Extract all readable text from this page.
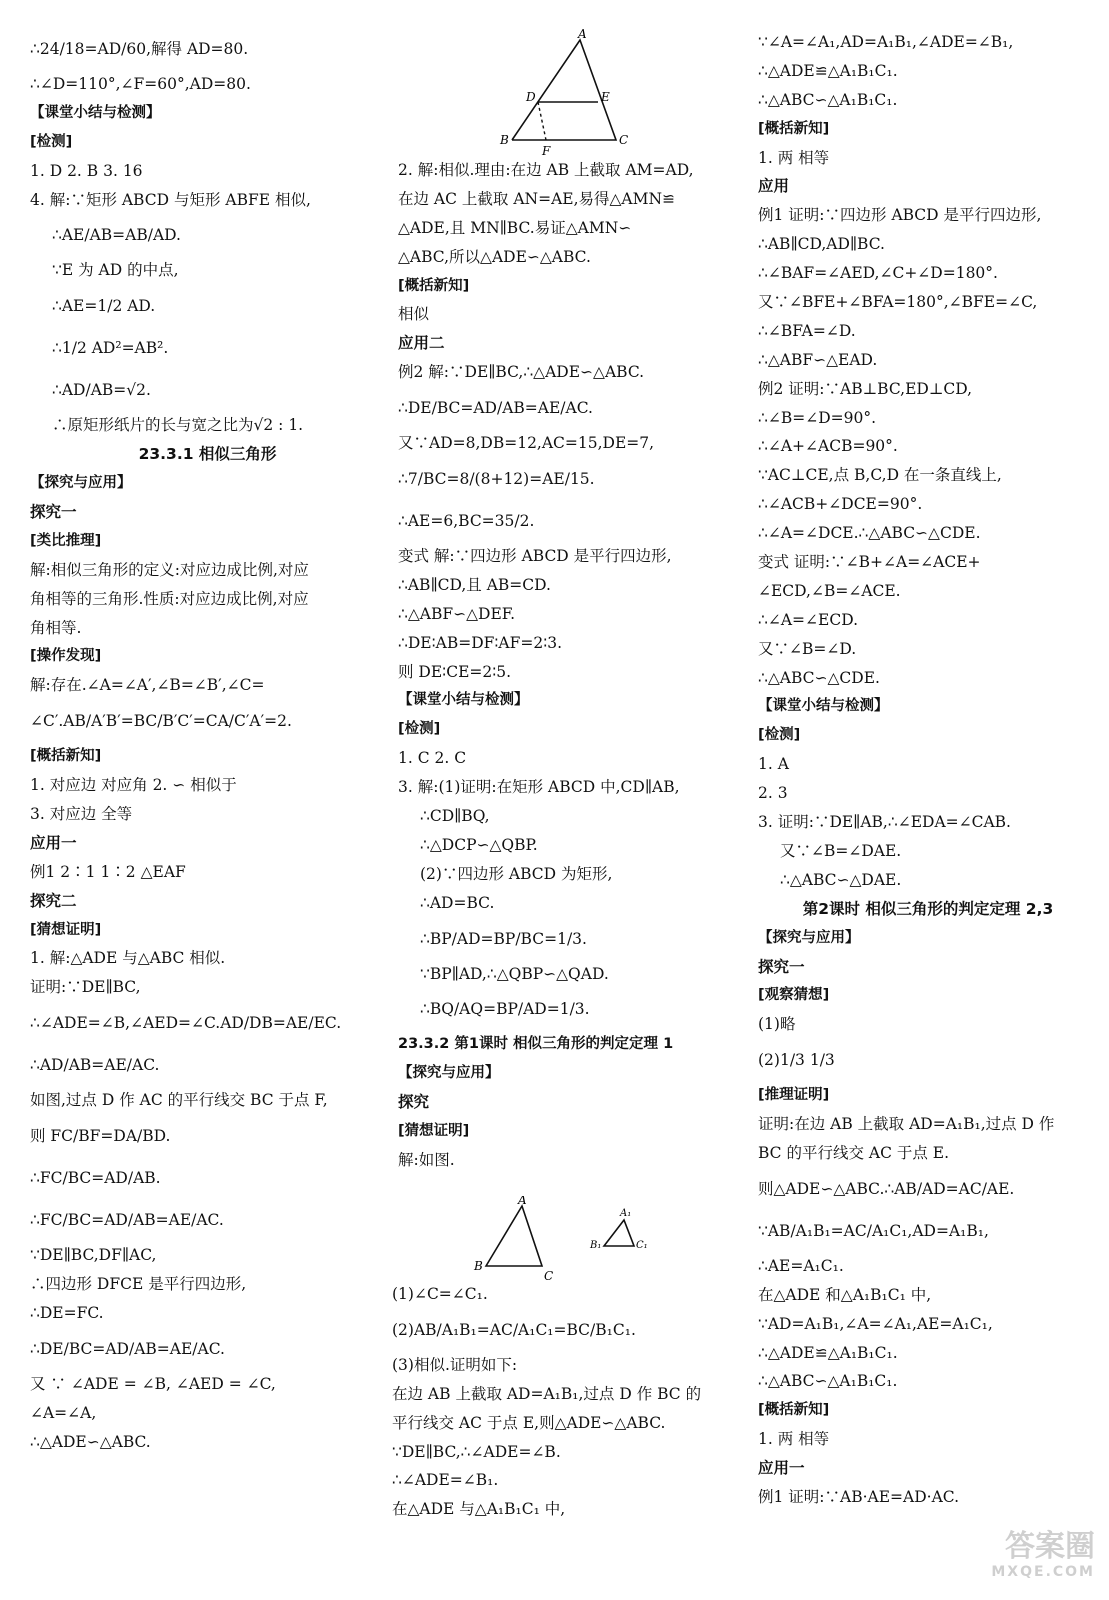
A
D	E
B
F
C
∴24/18=AD/60,解得 AD=80.
∴∠D=110°,∠F=60°,AD=80.
【课堂小结与检测】
[检测]
1. D 2. B 3. 16
4. 解:∵矩形 ABCD 与矩形 ABFE 相似,
∴AE/AB=AB/AD.
∵E 为 AD 的中点,
∴AE=1/2 AD.
∴1/2 AD²=AB².
∴AD/AB=√2.
∴原矩形纸片的长与宽之比为√2 : 1.
23.3.1 相似三角形
【探究与应用】
探究一
[类比推理]
解:相似三角形的定义:对应边成比例,对应
角相等的三角形.性质:对应边成比例,对应
角相等.
[操作发现]
解:存在.∠A=∠A′,∠B=∠B′,∠C=
∠C′.AB/A′B′=BC/B′C′=CA/C′A′=2.
[概括新知]
1. 对应边 对应角 2. ∽ 相似于
3. 对应边 全等
应用一
例1 2∶1 1∶2 △EAF
探究二
[猜想证明]
1. 解:△ADE 与△ABC 相似.
证明:∵DE∥BC,
∴∠ADE=∠B,∠AED=∠C.AD/DB=AE/EC.
∴AD/AB=AE/AC.
如图,过点 D 作 AC 的平行线交 BC 于点 F,
则 FC/BF=DA/BD.
∴FC/BC=AD/AB.
∴FC/BC=AD/AB=AE/AC.
∵DE∥BC,DF∥AC,
∴四边形 DFCE 是平行四边形,
∴DE=FC.
∴DE/BC=AD/AB=AE/AC.
又 ∵ ∠ADE = ∠B, ∠AED = ∠C,
∠A=∠A,
∴△ADE∽△ABC.
2. 解:相似.理由:在边 AB 上截取 AM=AD,
在边 AC 上截取 AN=AE,易得△AMN≌
△ADE,且 MN∥BC.易证△AMN∽
△ABC,所以△ADE∽△ABC.
[概括新知]
相似
应用二
例2 解:∵DE∥BC,∴△ADE∽△ABC.
∴DE/BC=AD/AB=AE/AC.
又∵AD=8,DB=12,AC=15,DE=7,
∴7/BC=8/(8+12)=AE/15.
∴AE=6,BC=35/2.
变式 解:∵四边形 ABCD 是平行四边形,
∴AB∥CD,且 AB=CD.
∴△ABF∽△DEF.
∴DE∶AB=DF∶AF=2∶3.
则 DE∶CE=2∶5.
【课堂小结与检测】
[检测]
1. C 2. C
3. 解:(1)证明:在矩形 ABCD 中,CD∥AB,
∴CD∥BQ,
∴△DCP∽△QBP.
(2)∵四边形 ABCD 为矩形,
∴AD=BC.
∴BP/AD=BP/BC=1/3.
∵BP∥AD,∴△QBP∽△QAD.
∴BQ/AQ=BP/AD=1/3.
23.3.2 第1课时 相似三角形的判定定理 1
【探究与应用】
探究
[猜想证明]
解:如图.
A
B
C
A₁
B₁	C₁
(1)∠C=∠C₁.
(2)AB/A₁B₁=AC/A₁C₁=BC/B₁C₁.
(3)相似.证明如下:
在边 AB 上截取 AD=A₁B₁,过点 D 作 BC 的
平行线交 AC 于点 E,则△ADE∽△ABC.
∵DE∥BC,∴∠ADE=∠B.
∴∠ADE=∠B₁.
在△ADE 与△A₁B₁C₁ 中,
∵∠A=∠A₁,AD=A₁B₁,∠ADE=∠B₁,
∴△ADE≌△A₁B₁C₁.
∴△ABC∽△A₁B₁C₁.
[概括新知]
1. 两 相等
应用
例1 证明:∵四边形 ABCD 是平行四边形,
∴AB∥CD,AD∥BC.
∴∠BAF=∠AED,∠C+∠D=180°.
又∵∠BFE+∠BFA=180°,∠BFE=∠C,
∴∠BFA=∠D.
∴△ABF∽△EAD.
例2 证明:∵AB⊥BC,ED⊥CD,
∴∠B=∠D=90°.
∴∠A+∠ACB=90°.
∵AC⊥CE,点 B,C,D 在一条直线上,
∴∠ACB+∠DCE=90°.
∴∠A=∠DCE.∴△ABC∽△CDE.
变式 证明:∵∠B+∠A=∠ACE+
∠ECD,∠B=∠ACE.
∴∠A=∠ECD.
又∵∠B=∠D.
∴△ABC∽△CDE.
【课堂小结与检测】
[检测]
1. A
2. 3
3. 证明:∵DE∥AB,∴∠EDA=∠CAB.
又∵∠B=∠DAE.
∴△ABC∽△DAE.
第2课时 相似三角形的判定定理 2,3
【探究与应用】
探究一
[观察猜想]
(1)略
(2)1/3 1/3
[推理证明]
证明:在边 AB 上截取 AD=A₁B₁,过点 D 作
BC 的平行线交 AC 于点 E.
则△ADE∽△ABC.∴AB/AD=AC/AE.
∵AB/A₁B₁=AC/A₁C₁,AD=A₁B₁,
∴AE=A₁C₁.
在△ADE 和△A₁B₁C₁ 中,
∵AD=A₁B₁,∠A=∠A₁,AE=A₁C₁,
∴△ADE≌△A₁B₁C₁.
∴△ABC∽△A₁B₁C₁.
[概括新知]
1. 两 相等
应用一
例1 证明:∵AB·AE=AD·AC.
答案圈
MXQE.COM
